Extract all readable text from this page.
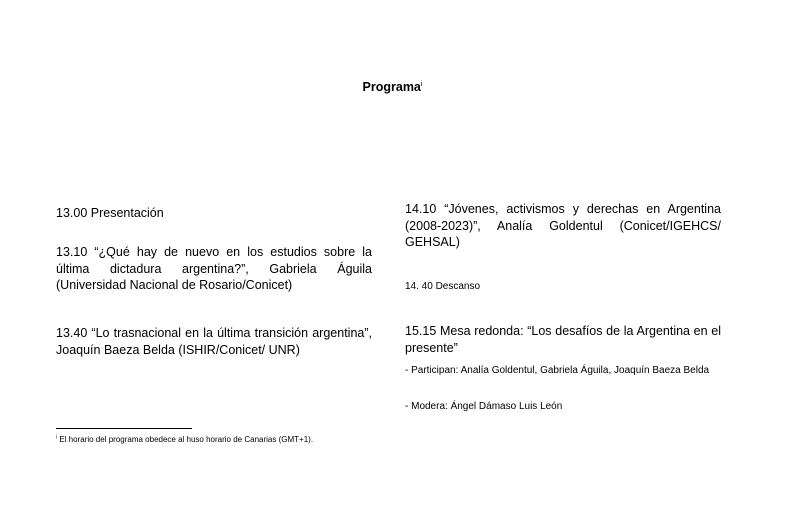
Programa$^i$

13.00 Presentación

13.10 “¿Qué hay de nuevo en los estudios sobre la última dictadura argentina?”, Gabriela Águila (Universidad Nacional de Rosario/Conicet)

13.40 “Lo trasnacional en la última transición argentina”, Joaquín Baeza Belda (ISHIR/Conicet/ UNR)

14.10 “Jóvenes, activismos y derechas en Argentina (2008-2023)”, Analía Goldentul (Conicet/IGEHCS/ GEHSAL)

14. 40 Descanso

15.15 Mesa redonda: “Los desafíos de la Argentina en el presente”

- Participan: Analía Goldentul, Gabriela Águila, Joaquín Baeza Belda

- Modera: Ángel Dámaso Luis León

$^i$ El horario del programa obedece al huso horario de Canarias (GMT+1).
